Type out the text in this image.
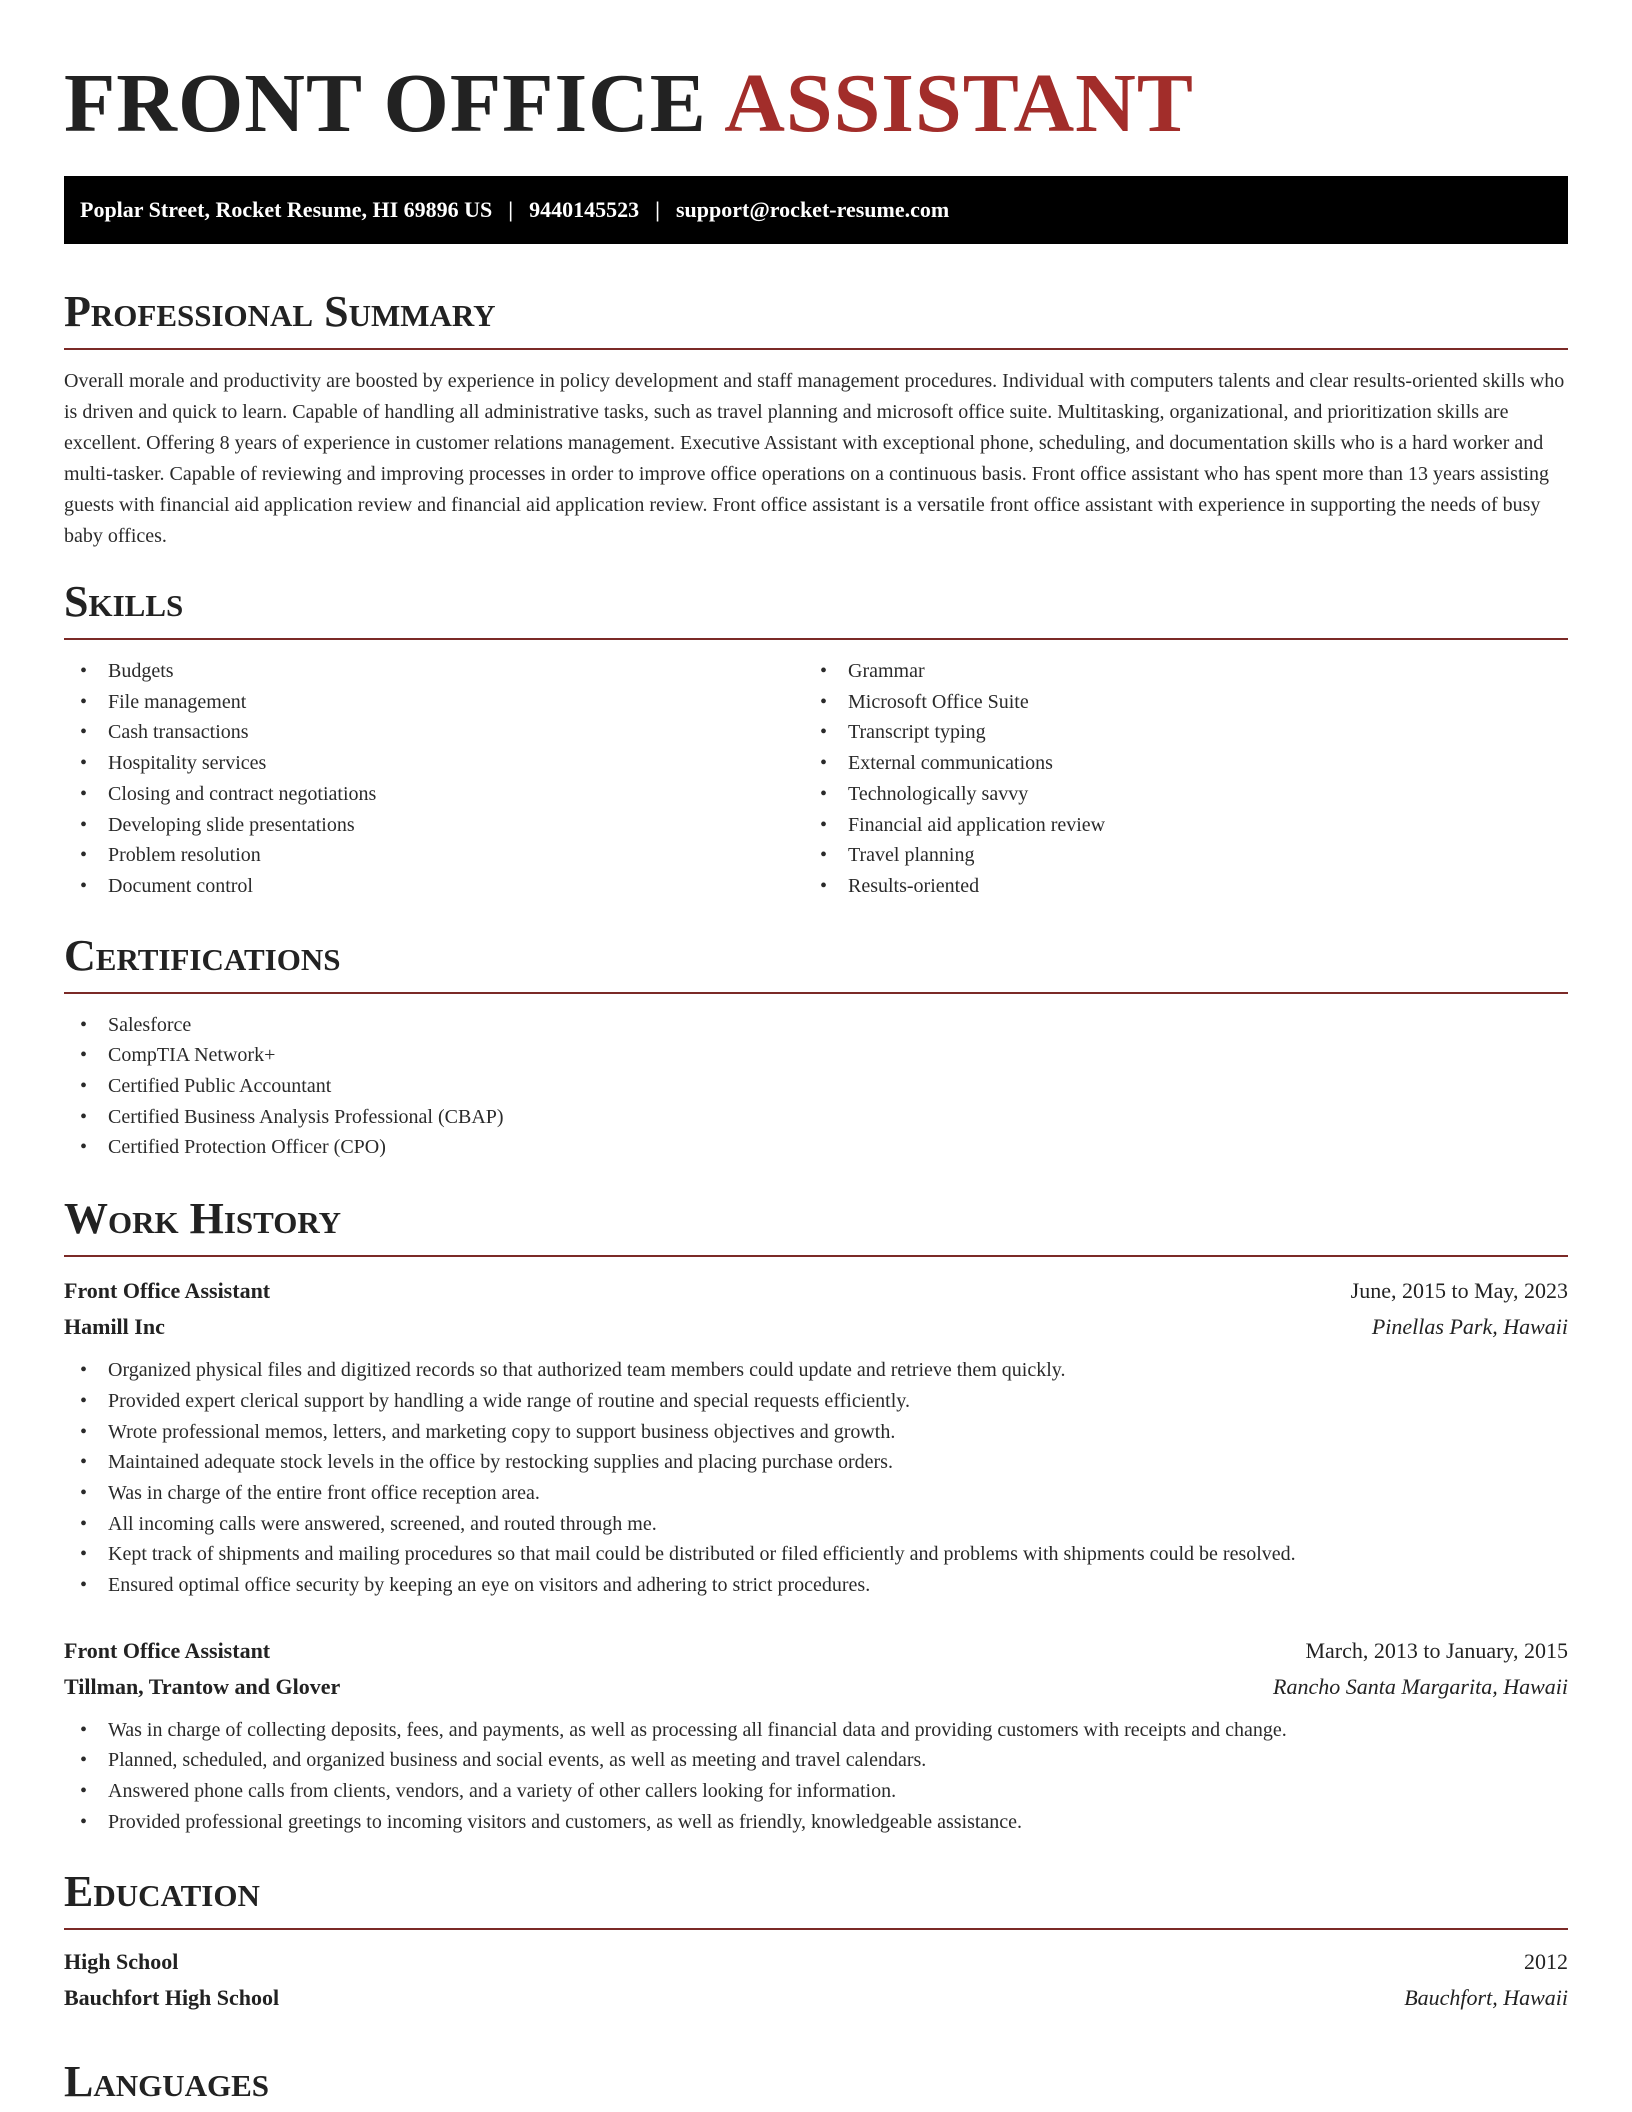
FRONT OFFICE ASSISTANT
Poplar Street, Rocket Resume, HI 69896 US | 9440145523 | support@rocket-resume.com
Professional Summary

Overall morale and productivity are boosted by experience in policy development and staff management procedures. Individual with computers talents and clear results-oriented skills who is driven and quick to learn. Capable of handling all administrative tasks, such as travel planning and microsoft office suite. Multitasking, organizational, and prioritization skills are excellent. Offering 8 years of experience in customer relations management. Executive Assistant with exceptional phone, scheduling, and documentation skills who is a hard worker and multi-tasker. Capable of reviewing and improving processes in order to improve office operations on a continuous basis. Front office assistant who has spent more than 13 years assisting guests with financial aid application review and financial aid application review. Front office assistant is a versatile front office assistant with experience in supporting the needs of busy baby offices.

Skills
• Budgets
• File management
• Cash transactions
• Hospitality services
• Closing and contract negotiations
• Developing slide presentations
• Problem resolution
• Document control
• Grammar
• Microsoft Office Suite
• Transcript typing
• External communications
• Technologically savvy
• Financial aid application review
• Travel planning
• Results-oriented
Certifications
• Salesforce
• CompTIA Network+
• Certified Public Accountant
• Certified Business Analysis Professional (CBAP)
• Certified Protection Officer (CPO)
Work History
Front Office Assistant	June, 2015 to May, 2023
Hamill Inc	Pinellas Park, Hawaii
• Organized physical files and digitized records so that authorized team members could update and retrieve them quickly.
• Provided expert clerical support by handling a wide range of routine and special requests efficiently.
• Wrote professional memos, letters, and marketing copy to support business objectives and growth.
• Maintained adequate stock levels in the office by restocking supplies and placing purchase orders.
• Was in charge of the entire front office reception area.
• All incoming calls were answered, screened, and routed through me.
• Kept track of shipments and mailing procedures so that mail could be distributed or filed efficiently and problems with shipments could be resolved.
• Ensured optimal office security by keeping an eye on visitors and adhering to strict procedures.
Front Office Assistant	March, 2013 to January, 2015
Tillman, Trantow and Glover	Rancho Santa Margarita, Hawaii
• Was in charge of collecting deposits, fees, and payments, as well as processing all financial data and providing customers with receipts and change.
• Planned, scheduled, and organized business and social events, as well as meeting and travel calendars.
• Answered phone calls from clients, vendors, and a variety of other callers looking for information.
• Provided professional greetings to incoming visitors and customers, as well as friendly, knowledgeable assistance.
Education
High School	2012
Bauchfort High School	Bauchfort, Hawaii
Languages
